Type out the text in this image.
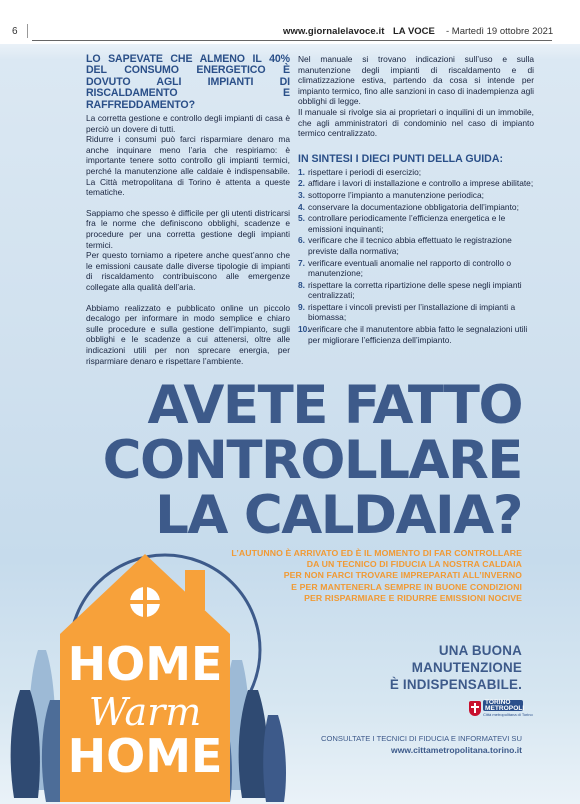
6	www.giornalelavoce.it LA VOCE - Martedì 19 ottobre 2021
LO SAPEVATE CHE ALMENO IL 40% DEL CONSUMO ENERGETICO È DOVUTO AGLI IMPIANTI DI RISCALDAMENTO E RAFFREDDAMENTO?

La corretta gestione e controllo degli impianti di casa è perciò un dovere di tutti.

Ridurre i consumi può farci risparmiare denaro ma anche inquinare meno l’aria che respiriamo: è importante tenere sotto controllo gli impianti termici, perché la manutenzione alle caldaie è indispensabile. La Città metropolitana di Torino è attenta a queste tematiche.

Sappiamo che spesso è difficile per gli utenti districarsi fra le norme che definiscono obblighi, scadenze e procedure per una corretta gestione degli impianti termici.

Per questo torniamo a ripetere anche quest’anno che le emissioni causate dalle diverse tipologie di impianti di riscaldamento contribuiscono alle emergenze collegate alla qualità dell’aria.

Abbiamo realizzato e pubblicato online un piccolo decalogo per informare in modo semplice e chiaro sulle procedure e sulla gestione dell’impianto, sugli obblighi e le scadenze a cui attenersi, oltre alle indicazioni utili per non sprecare energia, per risparmiare denaro e rispettare l’ambiente.

Nel manuale si trovano indicazioni sull’uso e sulla manutenzione degli impianti di riscaldamento e di climatizzazione estiva, partendo da cosa si intende per impianto termico, fino alle sanzioni in caso di inadempienza agli obblighi di legge.

Il manuale si rivolge sia ai proprietari o inquilini di un immobile, che agli amministratori di condominio nel caso di impianto termico centralizzato.

IN SINTESI I DIECI PUNTI DELLA GUIDA:
1. rispettare i periodi di esercizio;
2. affidare i lavori di installazione e controllo a imprese abilitate;
3. sottoporre l’impianto a manutenzione periodica;
4. conservare la documentazione obbligatoria dell’impianto;
5. controllare periodicamente l’efficienza energetica e le emissioni inquinanti;
6. verificare che il tecnico abbia effettuato le registrazione previste dalla normativa;
7. verificare eventuali anomalie nel rapporto di controllo o manutenzione;
8. rispettare la corretta ripartizione delle spese negli impianti centralizzati;
9. rispettare i vincoli previsti per l’installazione di impianti a biomassa;
10.
verificare che il manutentore abbia fatto le segnalazioni utili per migliorare l’efficienza dell’impianto.
AVETE FATTO
CONTROLLARE
LA CALDAIA?
L’AUTUNNO È ARRIVATO ED È IL MOMENTO DI FAR CONTROLLARE
DA UN TECNICO DI FIDUCIA LA NOSTRA CALDAIA
PER NON FARCI TROVARE IMPREPARATI ALL’INVERNO
E PER MANTENERLA SEMPRE IN BUONE CONDIZIONI
PER RISPARMIARE E RIDURRE EMISSIONI NOCIVE
HOME
Warm
HOME
UNA BUONA
MANUTENZIONE
È INDISPENSABILE.
TORINO
METROPOLI
Città metropolitana di Torino
CONSULTATE I TECNICI DI FIDUCIA E INFORMATEVI SU
www.cittametropolitana.torino.it
